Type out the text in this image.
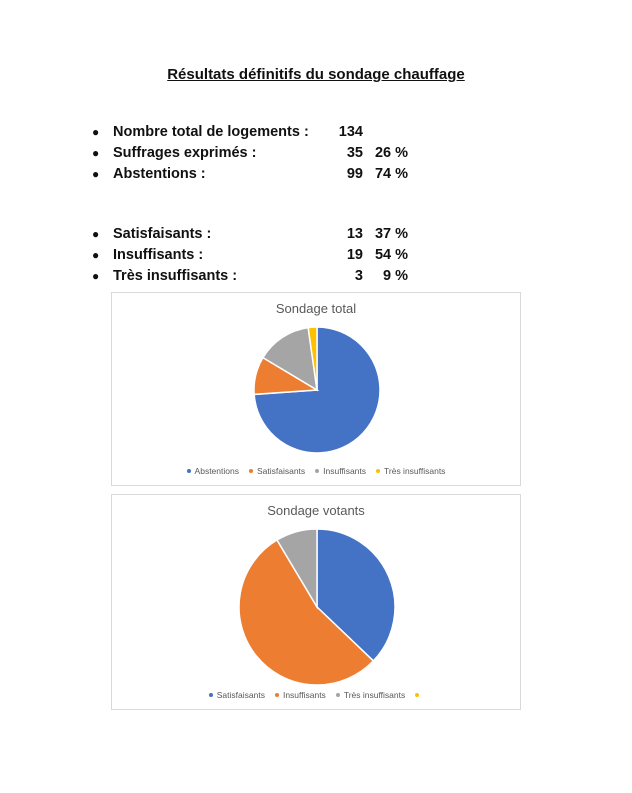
Résultats définitifs du sondage chauffage
● Nombre total de logements :	134
● Suffrages exprimés :	35 26 %
● Abstentions :	99 74 %
● Satisfaisants :	13 37 %
● Insuffisants :	19 54 %
● Très insuffisants :	3	9 %
Sondage total
Abstentions Satisfaisants Insuffisants Très insuffisants
Sondage votants
Satisfaisants Insuffisants Très insuffisants
